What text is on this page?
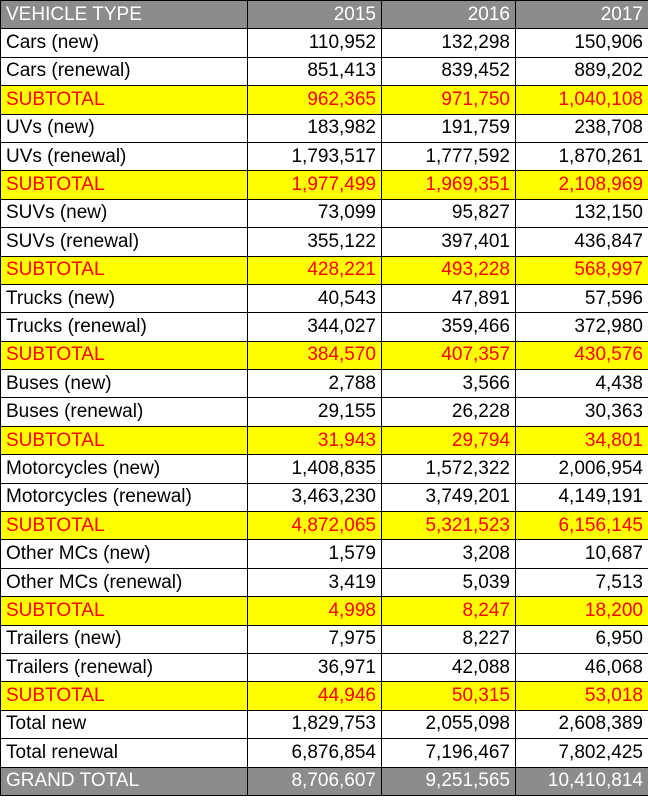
VEHICLE TYPE	2015	2016	2017
Cars (new)	110,952	132,298	150,906
Cars (renewal)	851,413	839,452	889,202
SUBTOTAL	962,365	971,750	1,040,108
UVs (new)	183,982	191,759	238,708
UVs (renewal)	1,793,517	1,777,592	1,870,261
SUBTOTAL	1,977,499	1,969,351	2,108,969
SUVs (new)	73,099	95,827	132,150
SUVs (renewal)	355,122	397,401	436,847
SUBTOTAL	428,221	493,228	568,997
Trucks (new)	40,543	47,891	57,596
Trucks (renewal)	344,027	359,466	372,980
SUBTOTAL	384,570	407,357	430,576
Buses (new)	2,788	3,566	4,438
Buses (renewal)	29,155	26,228	30,363
SUBTOTAL	31,943	29,794	34,801
Motorcycles (new)	1,408,835	1,572,322	2,006,954
Motorcycles (renewal)	3,463,230	3,749,201	4,149,191
SUBTOTAL	4,872,065	5,321,523	6,156,145
Other MCs (new)	1,579	3,208	10,687
Other MCs (renewal)	3,419	5,039	7,513
SUBTOTAL	4,998	8,247	18,200
Trailers (new)	7,975	8,227	6,950
Trailers (renewal)	36,971	42,088	46,068
SUBTOTAL	44,946	50,315	53,018
Total new	1,829,753	2,055,098	2,608,389
Total renewal	6,876,854	7,196,467	7,802,425
GRAND TOTAL	8,706,607	9,251,565	10,410,814
